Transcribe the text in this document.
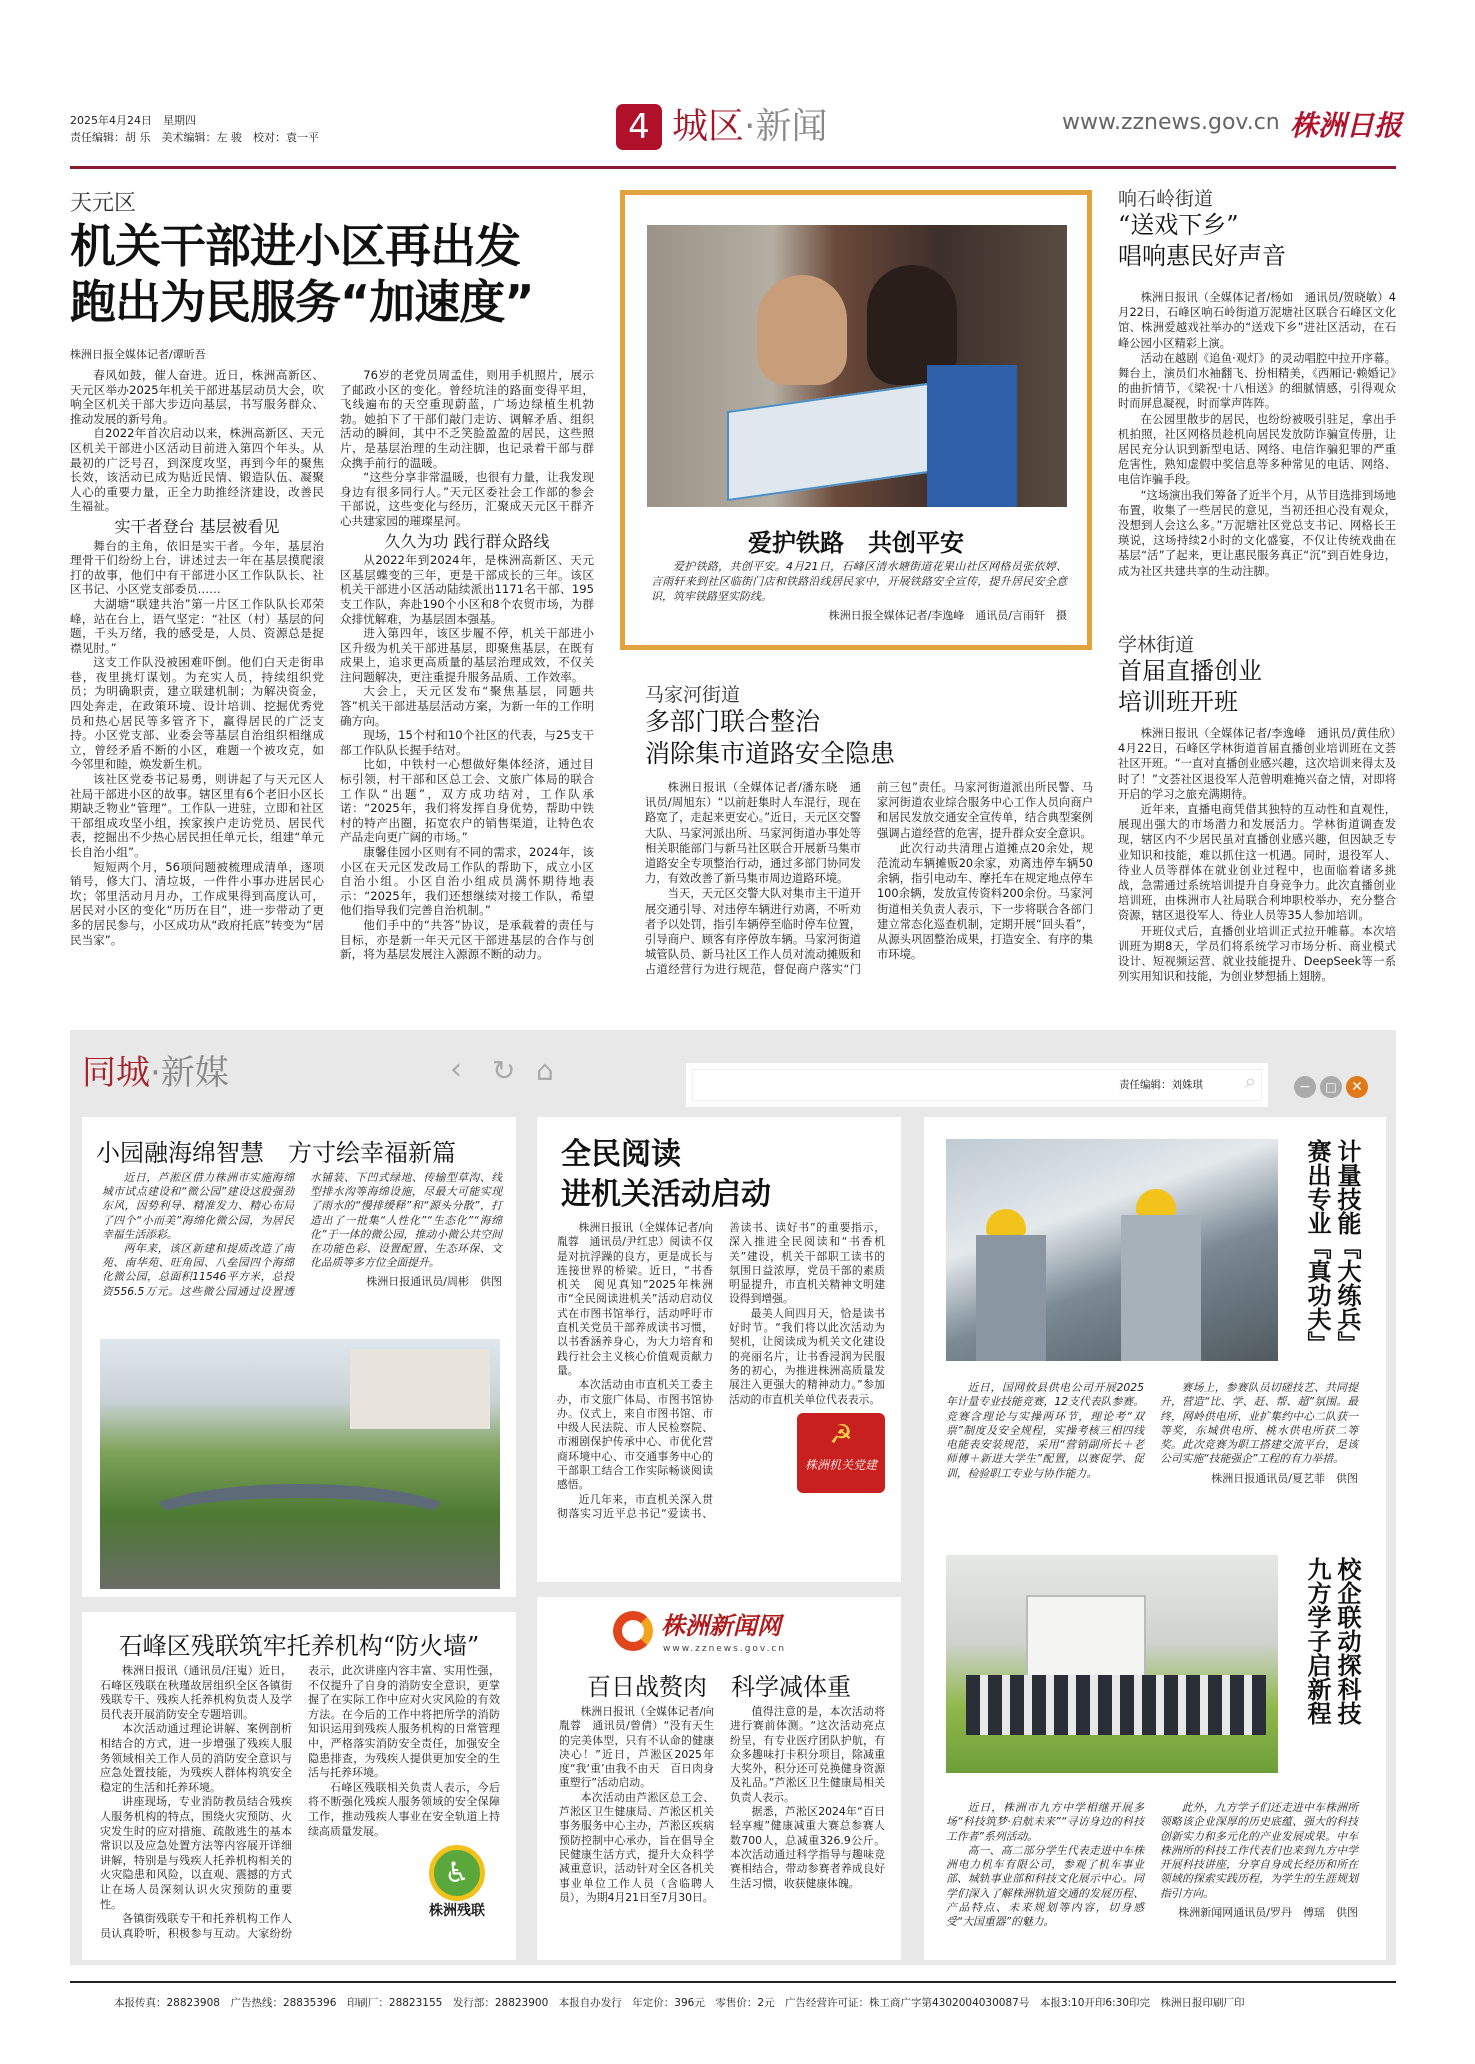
2025年4月24日　星期四
责任编辑：胡 乐　美术编辑：左 骏　校对：袁一平	4 城区·新闻	www.zznews.gov.cn 株洲日报
天元区
机关干部进小区再出发
跑出为民服务“加速度”
株洲日报全媒体记者/谭昕吾

春风如鼓，催人奋进。近日，株洲高新区、天元区举办2025年机关干部进基层动员大会，吹响全区机关干部大步迈向基层，书写服务群众、推动发展的新号角。

自2022年首次启动以来，株洲高新区、天元区机关干部进小区活动目前进入第四个年头。从最初的广泛号召，到深度攻坚，再到今年的聚焦长效，该活动已成为贴近民情、锻造队伍、凝聚人心的重要力量，正全力助推经济建设，改善民生福祉。

实干者登台 基层被看见

舞台的主角，依旧是实干者。今年，基层治理骨干们纷纷上台，讲述过去一年在基层摸爬滚打的故事，他们中有干部进小区工作队队长、社区书记、小区党支部委员……

大湖塘“联建共治”第一片区工作队队长邓荣峰，站在台上，语气坚定：“社区（村）基层的问题，千头万绪，我的感受是，人员、资源总是捉襟见肘。”

这支工作队没被困难吓倒。他们白天走街串巷，夜里挑灯谋划。为充实人员，持续组织党员；为明确职责，建立联建机制；为解决资金，四处奔走，在政策环境、设计培训、挖掘优秀党员和热心居民等多管齐下，赢得居民的广泛支持。小区党支部、业委会等基层自治组织相继成立，曾经矛盾不断的小区，难题一个被攻克，如今邻里和睦，焕发新生机。

该社区党委书记易勇，则讲起了与天元区人社局干部进小区的故事。辖区里有6个老旧小区长期缺乏物业“管理”。工作队一进驻，立即和社区干部组成攻坚小组，挨家挨户走访党员、居民代表，挖掘出不少热心居民担任单元长，组建“单元长自治小组”。

短短两个月，56项问题被梳理成清单，逐项销号，修大门、清垃圾，一件件小事办进居民心坎；邻里活动月月办，工作成果得到高度认可，居民对小区的变化“历历在目”，进一步带动了更多的居民参与，小区成功从“政府托底”转变为“居民当家”。

76岁的老党员周孟佳，则用手机照片，展示了邮政小区的变化。曾经坑洼的路面变得平坦，飞线遍布的天空重现蔚蓝，广场边绿植生机勃勃。她拍下了干部们敲门走访、调解矛盾、组织活动的瞬间，其中不乏笑脸盈盈的居民，这些照片，是基层治理的生动注脚，也记录着干部与群众携手前行的温暖。

“这些分享非常温暖，也很有力量，让我发现身边有很多同行人。”天元区委社会工作部的参会干部说，这些变化与经历，汇聚成天元区干群齐心共建家园的璀璨星河。

久久为功 践行群众路线

从2022年到2024年，是株洲高新区、天元区基层蝶变的三年，更是干部成长的三年。该区机关干部进小区活动陆续派出1171名干部、195支工作队，奔赴190个小区和8个农贸市场，为群众排忧解难，为基层固本强基。

进入第四年，该区步履不停，机关干部进小区升级为机关干部进基层，即聚焦基层，在既有成果上，追求更高质量的基层治理成效，不仅关注问题解决，更注重提升服务品质、工作效率。

大会上，天元区发布“聚焦基层，同题共答”机关干部进基层活动方案，为新一年的工作明确方向。

现场，15个村和10个社区的代表，与25支干部工作队队长握手结对。

比如，中铁村一心想做好集体经济，通过目标引领，村干部和区总工会、文旅广体局的联合工作队“出题”，双方成功结对，工作队承诺：“2025年，我们将发挥自身优势，帮助中铁村的特产出圈，拓宽农户的销售渠道，让特色农产品走向更广阔的市场。”

康馨佳园小区则有不同的需求，2024年，该小区在天元区发改局工作队的帮助下，成立小区自治小组。小区自治小组成员满怀期待地表示：“2025年，我们还想继续对接工作队，希望他们指导我们完善自治机制。”

他们手中的“共答”协议，是承载着的责任与目标，亦是新一年天元区干部进基层的合作与创新，将为基层发展注入源源不断的动力。

爱护铁路　共创平安

爱护铁路，共创平安。4月21日，石峰区清水塘街道花果山社区网格员张依婷、言雨轩来到社区临街门店和铁路沿线居民家中，开展铁路安全宣传，提升居民安全意识，筑牢铁路坚实防线。

株洲日报全媒体记者/李逸峰　通讯员/言雨轩　摄
响石岭街道
“送戏下乡”
唱响惠民好声音

株洲日报讯（全媒体记者/杨如　通讯员/贺晓敏）4月22日，石峰区响石岭街道万泥塘社区联合石峰区文化馆、株洲爱越戏社举办的“送戏下乡”进社区活动，在石峰公园小区精彩上演。

活动在越剧《追鱼·观灯》的灵动唱腔中拉开序幕。舞台上，演员们水袖翻飞、扮相精美，《西厢记·赖婚记》的曲折情节，《梁祝·十八相送》的细腻情感，引得观众时而屏息凝视，时而掌声阵阵。

在公园里散步的居民，也纷纷被吸引驻足，拿出手机拍照，社区网格员趁机向居民发放防诈骗宣传册，让居民充分认识到新型电话、网络、电信诈骗犯罪的严重危害性，熟知虚假中奖信息等多种常见的电话、网络、电信诈骗手段。

“这场演出我们筹备了近半个月，从节目选排到场地布置，收集了一些居民的意见，当初还担心没有观众，没想到人会这么多。”万泥塘社区党总支书记、网格长王瑛说，这场持续2小时的文化盛宴，不仅让传统戏曲在基层“活”了起来，更让惠民服务真正“沉”到百姓身边，成为社区共建共享的生动注脚。

学林街道
首届直播创业
培训班开班

株洲日报讯（全媒体记者/李逸峰　通讯员/黄佳欣）4月22日，石峰区学林街道首届直播创业培训班在文荟社区开班。“一直对直播创业感兴趣，这次培训来得太及时了！”文荟社区退役军人范曾明难掩兴奋之情，对即将开启的学习之旅充满期待。

近年来，直播电商凭借其独特的互动性和直观性，展现出强大的市场潜力和发展活力。学林街道调查发现，辖区内不少居民虽对直播创业感兴趣，但因缺乏专业知识和技能，难以抓住这一机遇。同时，退役军人、待业人员等群体在就业创业过程中，也面临着诸多挑战，急需通过系统培训提升自身竞争力。此次直播创业培训班，由株洲市人社局联合利坤职校举办，充分整合资源，辖区退役军人、待业人员等35人参加培训。

开班仪式后，直播创业培训正式拉开帷幕。本次培训班为期8天，学员们将系统学习市场分析、商业模式设计、短视频运营、就业技能提升、DeepSeek等一系列实用知识和技能，为创业梦想插上翅膀。

马家河街道
多部门联合整治
消除集市道路安全隐患

株洲日报讯（全媒体记者/潘东晓　通讯员/周旭东）“以前赶集时人车混行，现在路宽了，走起来更安心。”近日，天元区交警大队、马家河派出所、马家河街道办事处等相关职能部门与新马社区联合开展新马集市道路安全专项整治行动，通过多部门协同发力，有效改善了新马集市周边道路环境。

当天，天元区交警大队对集市主干道开展交通引导、对违停车辆进行劝离，不听劝者予以处罚，指引车辆停至临时停车位置，引导商户、顾客有序停放车辆。马家河街道城管队员、新马社区工作人员对流动摊贩和占道经营行为进行规范，督促商户落实“门前三包”责任。马家河街道派出所民警、马家河街道农业综合服务中心工作人员向商户和居民发放交通安全宣传单，结合典型案例强调占道经营的危害，提升群众安全意识。

此次行动共清理占道摊点20余处，规范流动车辆摊贩20余家，劝离违停车辆50余辆，指引电动车、摩托车在规定地点停车100余辆，发放宣传资料200余份。马家河街道相关负责人表示，下一步将联合各部门建立常态化巡查机制，定期开展“回头看”，从源头巩固整治成果，打造安全、有序的集市环境。

同城·新媒	‹ ↻ ⌂	责任编辑：刘姝琪	⌕	−	□	✕
小园融海绵智慧　方寸绘幸福新篇

近日，芦淞区借力株洲市实施海绵城市试点建设和“微公园”建设这股强劲东风，因势利导、精准发力、精心布局了四个“小而美”海绵化微公园，为居民幸福生活添彩。

两年来，该区新建和提质改造了南苑、南华苑、旺角园、八垒园四个海绵化微公园，总面积11546平方米，总投资556.5万元。这些微公园通过设置透水铺装、下凹式绿地、传输型草沟、线型排水沟等海绵设施，尽最大可能实现了雨水的“慢排缓释”和“源头分散”，打造出了一批集“人性化”“生态化”“海绵化”于一体的微公园，推动小微公共空间在功能色彩、设置配置、生态环保、文化品质等多方位全面提升。

株洲日报通讯员/周彬　供图
石峰区残联筑牢托养机构“防火墙”

株洲日报讯（通讯员/汪嵬）近日，石峰区残联在秋瑾故居组织全区各镇街残联专干、残疾人托养机构负责人及学员代表开展消防安全专题培训。

本次活动通过理论讲解、案例剖析相结合的方式，进一步增强了残疾人服务领域相关工作人员的消防安全意识与应急处置技能，为残疾人群体构筑安全稳定的生活和托养环境。

讲座现场，专业消防教员结合残疾人服务机构的特点，围绕火灾预防、火灾发生时的应对措施、疏散逃生的基本常识以及应急处置方法等内容展开详细讲解，特别是与残疾人托养机构相关的火灾隐患和风险，以直观、震撼的方式让在场人员深刻认识火灾预防的重要性。

各镇街残联专干和托养机构工作人员认真聆听，积极参与互动。大家纷纷表示，此次讲座内容丰富、实用性强，不仅提升了自身的消防安全意识，更掌握了在实际工作中应对火灾风险的有效方法。在今后的工作中将把所学的消防知识运用到残疾人服务机构的日常管理中，严格落实消防安全责任，加强安全隐患排查，为残疾人提供更加安全的生活与托养环境。

石峰区残联相关负责人表示，今后将不断强化残疾人服务领域的安全保障工作，推动残疾人事业在安全轨道上持续高质量发展。

♿
株洲残联
全民阅读
进机关活动启动

株洲日报讯（全媒体记者/向胤蓉　通讯员/尹红忠）阅读不仅是对抗浮躁的良方，更是成长与连接世界的桥梁。近日，“书香机关　阅见真知”2025年株洲市“全民阅读进机关”活动启动仪式在市图书馆举行，活动呼吁市直机关党员干部养成读书习惯，以书香涵养身心，为大力培育和践行社会主义核心价值观贡献力量。

本次活动由市直机关工委主办，市文旅广体局、市图书馆协办。仪式上，来自市图书馆、市中级人民法院、市人民检察院、市湘剧保护传承中心、市优化营商环境中心、市交通事务中心的干部职工结合工作实际畅谈阅读感悟。

近几年来，市直机关深入贯彻落实习近平总书记“爱读书、善读书、读好书”的重要指示，深入推进全民阅读和“书香机关”建设，机关干部职工读书的氛围日益浓厚，党员干部的素质明显提升，市直机关精神文明建设得到增强。

最美人间四月天，恰是读书好时节。“我们将以此次活动为契机，让阅读成为机关文化建设的亮丽名片，让书香浸润为民服务的初心，为推进株洲高质量发展注入更强大的精神动力。”参加活动的市直机关单位代表表示。

☭
株洲机关党建
株洲新闻网
www.zznews.gov.cn
百日战赘肉　科学减体重

株洲日报讯（全媒体记者/向胤蓉　通讯员/曾倩）“没有天生的完美体型，只有不认命的健康决心！”近日，芦淞区2025年度“我‘重’由我不由天　百日肉身重塑行”活动启动。

本次活动由芦淞区总工会、芦淞区卫生健康局、芦淞区机关事务服务中心主办，芦淞区疾病预防控制中心承办，旨在倡导全民健康生活方式，提升大众科学减重意识，活动针对全区各机关事业单位工作人员（含临聘人员），为期4月21日至7月30日。

值得注意的是，本次活动将进行赛前体测。“这次活动亮点纷呈，有专业医疗团队护航，有众多趣味打卡积分项目，除减重大奖外，积分还可兑换健身资源及礼品。”芦淞区卫生健康局相关负责人表示。

据悉，芦淞区2024年“百日轻享瘦”健康减重大赛总参赛人数700人，总减重326.9公斤。本次活动通过科学指导与趣味竞赛相结合，带动参赛者养成良好生活习惯，收获健康体魄。

计量技能『大练兵』
赛出专业『真功夫』

近日，国网攸县供电公司开展2025年计量专业技能竞赛，12支代表队参赛。竞赛含理论与实操两环节，理论考“双票”制度及安全规程，实操考核三相四线电能表安装规范，采用“营销副所长＋老师傅＋新进大学生”配置，以赛促学、促训，检验职工专业与协作能力。

赛场上，参赛队员切磋技艺、共同提升，营造“比、学、赶、帮、超”氛围。最终，网岭供电所、业扩集约中心二队获一等奖，东城供电所、桃水供电所获二等奖。此次竞赛为职工搭建交流平台，是该公司实施“技能强企”工程的有力举措。

株洲日报通讯员/夏艺菲　供图
校企联动探科技
九方学子启新程

近日，株洲市九方中学相继开展多场“科技筑梦·启航未来”“寻访身边的科技工作者”系列活动。

高一、高二部分学生代表走进中车株洲电力机车有限公司，参观了机车事业部、城轨事业部和科技文化展示中心。同学们深入了解株洲轨道交通的发展历程、产品特点、未来规划等内容，切身感受“大国重器”的魅力。

此外，九方学子们还走进中车株洲所领略该企业深厚的历史底蕴、强大的科技创新实力和多元化的产业发展成果。中车株洲所的科技工作代表们也来到九方中学开展科技讲座，分享自身成长经历和所在领域的探索实践历程，为学生的生涯规划指引方向。

株洲新闻网通讯员/罗丹　傅瑶　供图
本报传真：28823908　广告热线：28835396　印刷厂：28823155　发行部：28823900　本报自办发行　年定价：396元　零售价：2元　广告经营许可证：株工商广字第4302004030087号　本报3:10开印6:30印完　株洲日报印刷厂印
